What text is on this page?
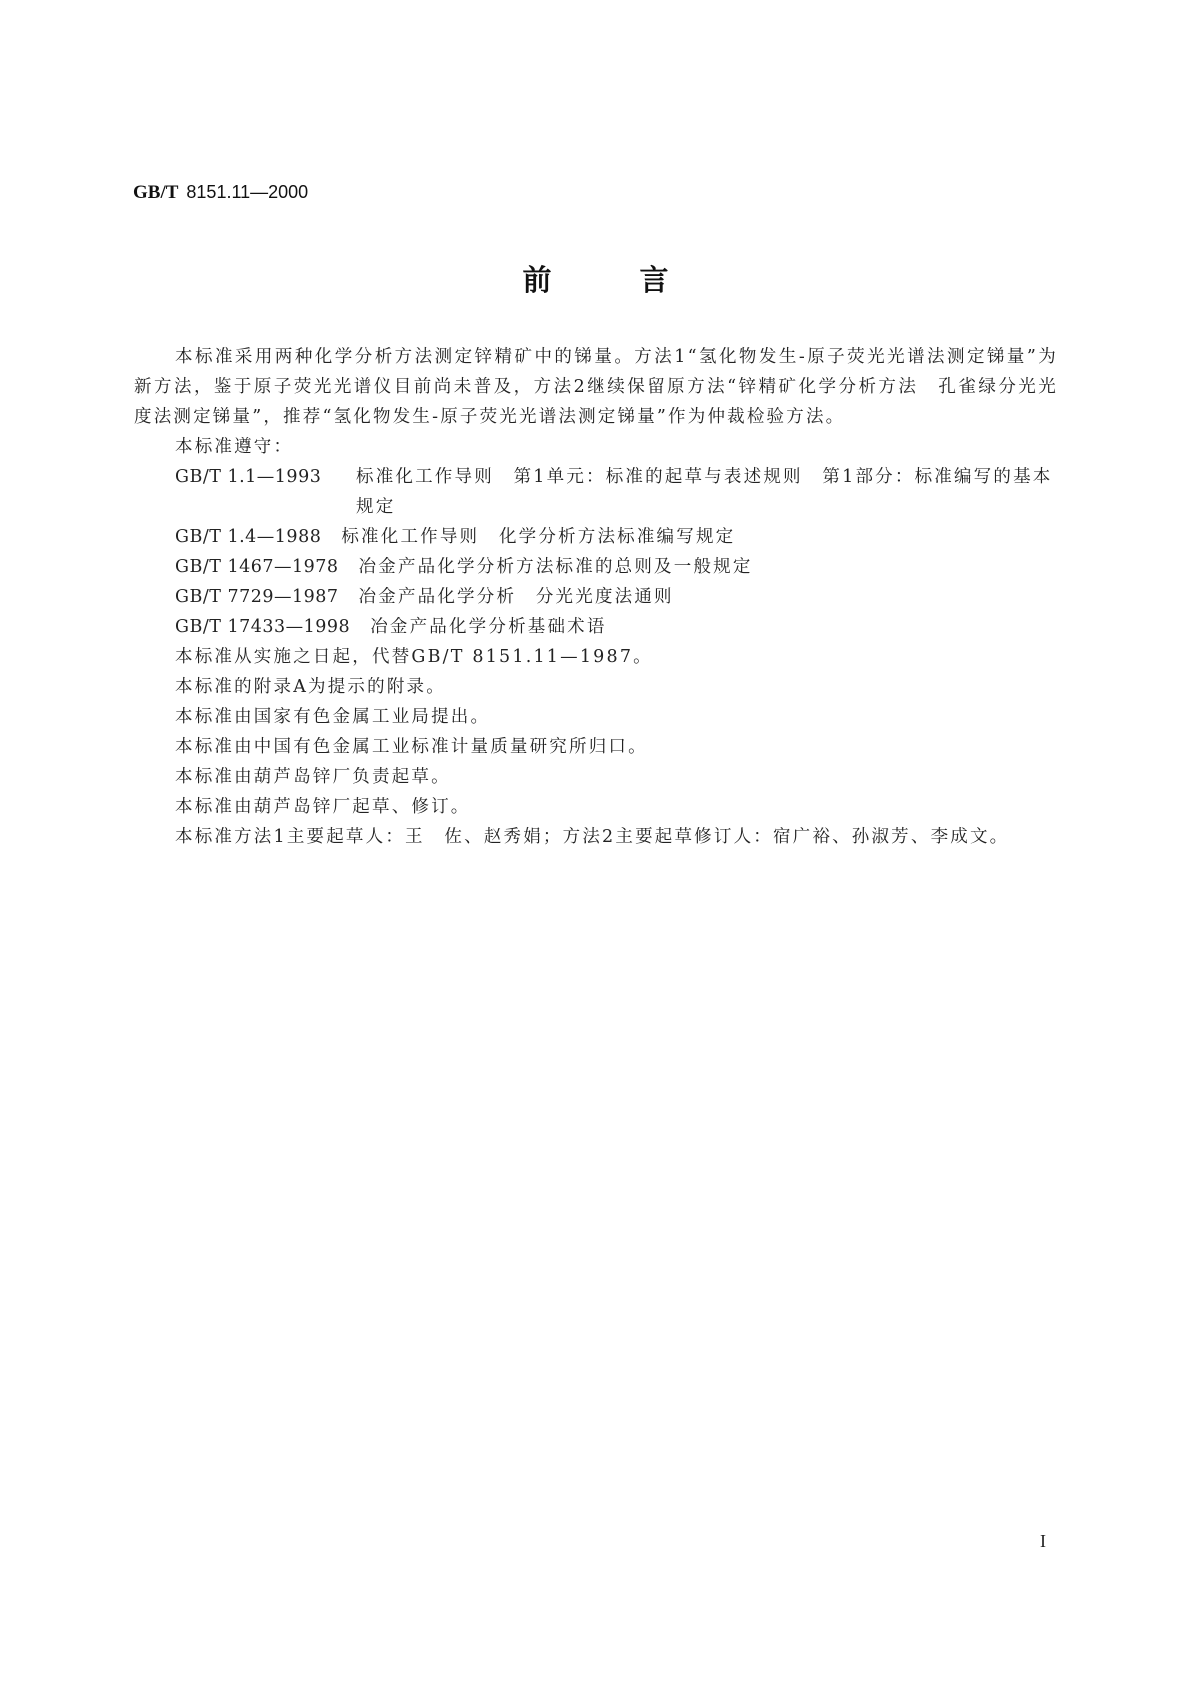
GB/T 8151.11—2000
前	言

本标准采用两种化学分析方法测定锌精矿中的锑量。方法1“氢化物发生-原子荧光光谱法测定锑量”为新方法，鉴于原子荧光光谱仪目前尚未普及，方法2继续保留原方法“锌精矿化学分析方法　孔雀绿分光光度法测定锑量”，推荐“氢化物发生-原子荧光光谱法测定锑量”作为仲裁检验方法。

本标准遵守：

GB/T 1.1—1993	标准化工作导则　第1单元：标准的起草与表述规则　第1部分：标准编写的基本规定
GB/T 1.4—1988	标准化工作导则　化学分析方法标准编写规定
GB/T 1467—1978	冶金产品化学分析方法标准的总则及一般规定
GB/T 7729—1987	冶金产品化学分析　分光光度法通则
GB/T 17433—1998	冶金产品化学分析基础术语

本标准从实施之日起，代替GB/T 8151.11—1987。

本标准的附录A为提示的附录。

本标准由国家有色金属工业局提出。

本标准由中国有色金属工业标准计量质量研究所归口。

本标准由葫芦岛锌厂负责起草。

本标准由葫芦岛锌厂起草、修订。

本标准方法1主要起草人：王　佐、赵秀娟；方法2主要起草修订人：宿广裕、孙淑芳、李成文。

I
